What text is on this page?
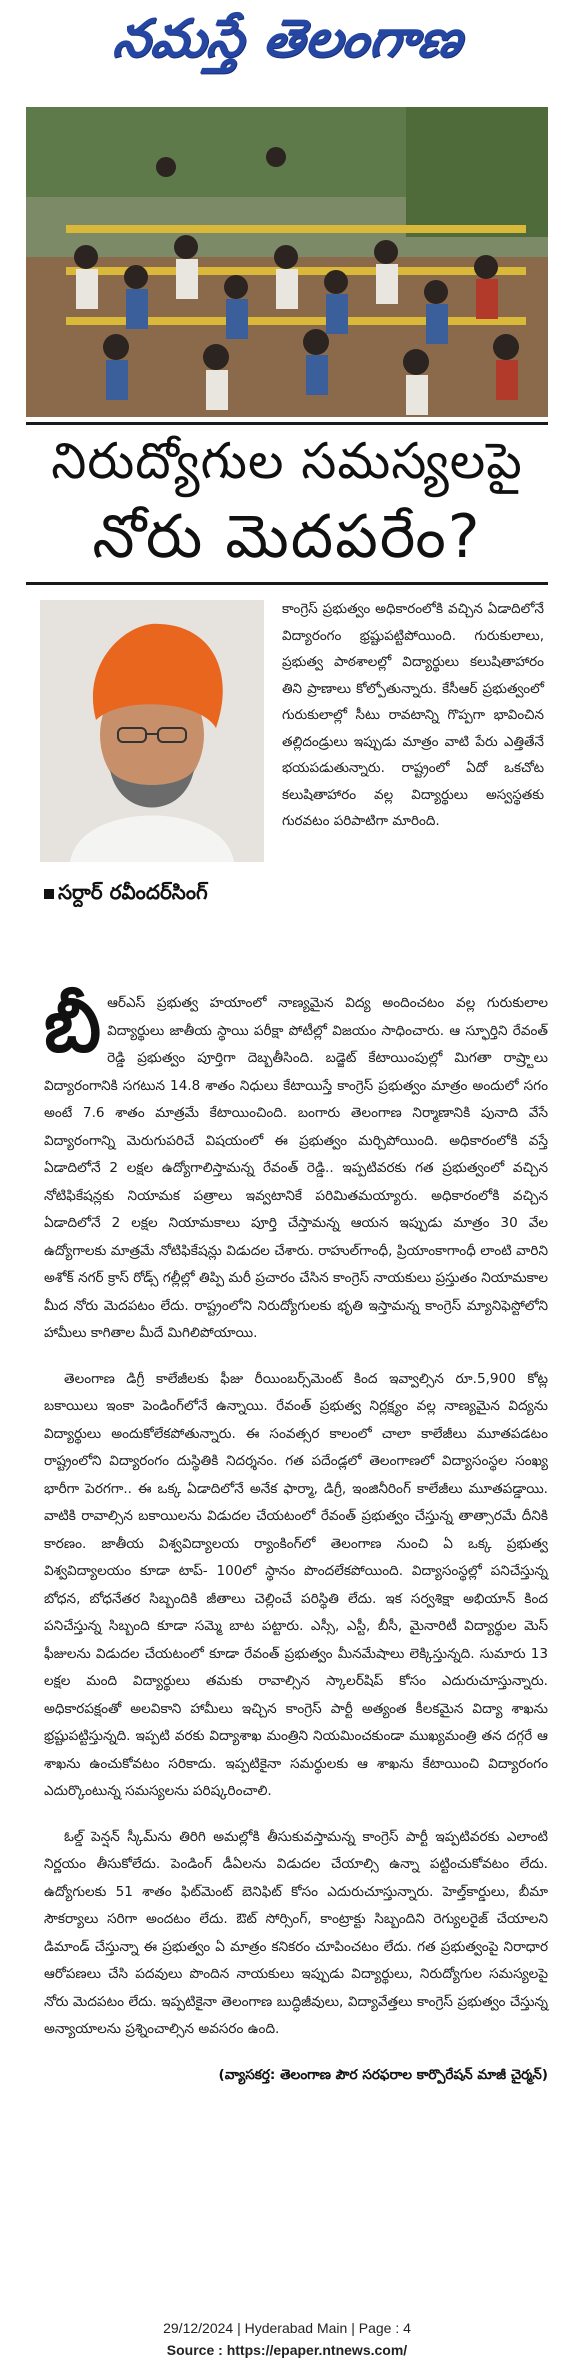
నమస్తే తెలంగాణ
నిరుద్యోగుల సమస్యలపై
నోరు మెదపరేం?
కాంగ్రెస్ ప్రభుత్వం అధికారంలోకి వచ్చిన ఏడాదిలోనే విద్యారంగం భ్రష్టుపట్టిపోయింది. గురుకులాలు, ప్రభుత్వ పాఠశాలల్లో విద్యార్థులు కలుషితాహారం తిని ప్రాణాలు కోల్పోతున్నారు. కేసీఆర్ ప్రభుత్వంలో గురుకులాల్లో సీటు రావటాన్ని గొప్పగా భావించిన తల్లిదండ్రులు ఇప్పుడు మాత్రం వాటి పేరు ఎత్తితేనే భయపడుతున్నారు. రాష్ట్రంలో ఏదో ఒకచోట కలుషితాహారం వల్ల విద్యార్థులు అస్వస్థతకు గురవటం పరిపాటిగా మారింది.
సర్దార్ రవీందర్‌సింగ్

బీఆర్‌ఎస్ ప్రభుత్వ హయాంలో నాణ్యమైన విద్య అందించటం వల్ల గురుకులాల విద్యార్థులు జాతీయ స్థాయి పరీక్షా పోటీల్లో విజయం సాధించారు. ఆ స్ఫూర్తిని రేవంత్ రెడ్డి ప్రభుత్వం పూర్తిగా దెబ్బతీసింది. బడ్జెట్ కేటాయింపుల్లో మిగతా రాష్ర్టాలు విద్యారంగానికి సగటున 14.8 శాతం నిధులు కేటాయిస్తే కాంగ్రెస్ ప్రభుత్వం మాత్రం అందులో సగం అంటే 7.6 శాతం మాత్రమే కేటాయించింది. బంగారు తెలంగాణ నిర్మాణానికి పునాది వేసే విద్యారంగాన్ని మెరుగుపరిచే విషయంలో ఈ ప్రభుత్వం మర్చిపోయింది. అధికారంలోకి వస్తే ఏడాదిలోనే 2 లక్షల ఉద్యోగాలిస్తామన్న రేవంత్ రెడ్డి.. ఇప్పటివరకు గత ప్రభుత్వంలో వచ్చిన నోటిఫికేషన్లకు నియామక పత్రాలు ఇవ్వటానికే పరిమితమయ్యారు. అధికారంలోకి వచ్చిన ఏడాదిలోనే 2 లక్షల నియామకాలు పూర్తి చేస్తామన్న ఆయన ఇప్పుడు మాత్రం 30 వేల ఉద్యోగాలకు మాత్రమే నోటిఫికేషన్లు విడుదల చేశారు. రాహుల్‌గాంధీ, ప్రియాంకాగాంధీ లాంటి వారిని అశోక్ నగర్ క్రాస్ రోడ్స్ గల్లీల్లో తిప్పి మరీ ప్రచారం చేసిన కాంగ్రెస్ నాయకులు ప్రస్తుతం నియామకాల మీద నోరు మెదపటం లేదు. రాష్ట్రంలోని నిరుద్యోగులకు భృతి ఇస్తామన్న కాంగ్రెస్ మ్యానిఫెస్టోలోని హామీలు కాగితాల మీదే మిగిలిపోయాయి.

తెలంగాణ డిగ్రీ కాలేజీలకు ఫీజు రీయింబర్స్‌మెంట్ కింద ఇవ్వాల్సిన రూ.5,900 కోట్ల బకాయిలు ఇంకా పెండింగ్‌లోనే ఉన్నాయి. రేవంత్ ప్రభుత్వ నిర్లక్ష్యం వల్ల నాణ్యమైన విద్యను విద్యార్థులు అందుకోలేకపోతున్నారు. ఈ సంవత్సర కాలంలో చాలా కాలేజీలు మూతపడటం రాష్ట్రంలోని విద్యారంగం దుస్థితికి నిదర్శనం. గత పదేండ్లలో తెలంగాణలో విద్యాసంస్థల సంఖ్య భారీగా పెరగగా.. ఈ ఒక్క ఏడాదిలోనే అనేక ఫార్మా, డిగ్రీ, ఇంజినీరింగ్ కాలేజీలు మూతపడ్డాయి. వాటికి రావాల్సిన బకాయిలను విడుదల చేయటంలో రేవంత్ ప్రభుత్వం చేస్తున్న తాత్సారమే దీనికి కారణం. జాతీయ విశ్వవిద్యాలయ ర్యాంకింగ్‌లో తెలంగాణ నుంచి ఏ ఒక్క ప్రభుత్వ విశ్వవిద్యాలయం కూడా టాప్- 100లో స్థానం పొందలేకపోయింది. విద్యాసంస్థల్లో పనిచేస్తున్న బోధన, బోధనేతర సిబ్బందికి జీతాలు చెల్లించే పరిస్థితి లేదు. ఇక సర్వశిక్షా అభియాన్ కింద పనిచేస్తున్న సిబ్బంది కూడా సమ్మె బాట పట్టారు. ఎస్సీ, ఎస్టీ, బీసీ, మైనారిటీ విద్యార్థుల మెస్ ఫీజులను విడుదల చేయటంలో కూడా రేవంత్ ప్రభుత్వం మీనమేషాలు లెక్కిస్తున్నది. సుమారు 13 లక్షల మంది విద్యార్థులు తమకు రావాల్సిన స్కాలర్‌షిప్ కోసం ఎదురుచూస్తున్నారు. అధికారపక్షంతో అలవికాని హామీలు ఇచ్చిన కాంగ్రెస్ పార్టీ అత్యంత కీలకమైన విద్యా శాఖను భ్రష్టుపట్టిస్తున్నది. ఇప్పటి వరకు విద్యాశాఖ మంత్రిని నియమించకుండా ముఖ్యమంత్రి తన దగ్గరే ఆ శాఖను ఉంచుకోవటం సరికాదు. ఇప్పటికైనా సమర్థులకు ఆ శాఖను కేటాయించి విద్యారంగం ఎదుర్కొంటున్న సమస్యలను పరిష్కరించాలి.

ఓల్డ్ పెన్షన్ స్కీమ్‌ను తిరిగి అమల్లోకి తీసుకువస్తామన్న కాంగ్రెస్ పార్టీ ఇప్పటివరకు ఎలాంటి నిర్ణయం తీసుకోలేదు. పెండింగ్ డీఏలను విడుదల చేయాల్సి ఉన్నా పట్టించుకోవటం లేదు. ఉద్యోగులకు 51 శాతం ఫిట్‌మెంట్ బెనిఫిట్ కోసం ఎదురుచూస్తున్నారు. హెల్త్‌కార్డులు, బీమా సౌకర్యాలు సరిగా అందటం లేదు. ఔట్ సోర్సింగ్, కాంట్రాక్టు సిబ్బందిని రెగ్యులరైజ్ చేయాలని డిమాండ్ చేస్తున్నా ఈ ప్రభుత్వం ఏ మాత్రం కనికరం చూపించటం లేదు. గత ప్రభుత్వంపై నిరాధార ఆరోపణలు చేసి పదవులు పొందిన నాయకులు ఇప్పుడు విద్యార్థులు, నిరుద్యోగుల సమస్యలపై నోరు మెదపటం లేదు. ఇప్పటికైనా తెలంగాణ బుద్ధిజీవులు, విద్యావేత్తలు కాంగ్రెస్ ప్రభుత్వం చేస్తున్న అన్యాయాలను ప్రశ్నించాల్సిన అవసరం ఉంది.

(వ్యాసకర్త: తెలంగాణ పౌర సరఫరాల కార్పొరేషన్ మాజీ చైర్మన్)
29/12/2024 | Hyderabad Main | Page : 4
Source : https://epaper.ntnews.com/
